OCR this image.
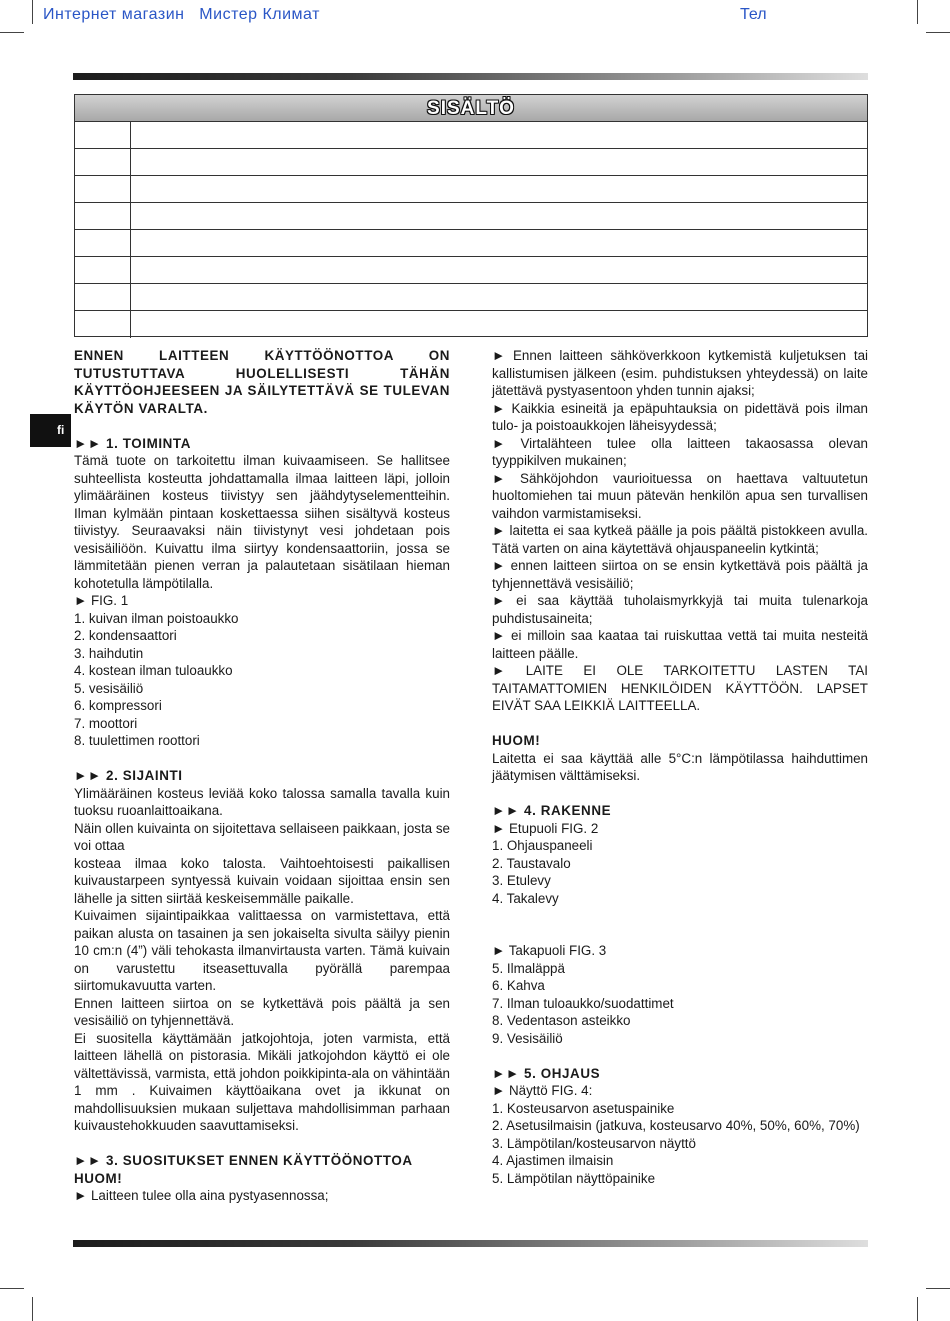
Интернет магазин   Мистер Климат	Тел
SISÄLTÖ
fi

ENNEN LAITTEEN KÄYTTÖÖNOTTOA ON TUTUSTUTTAVA HUOLELLISESTI TÄHÄN KÄYTTÖOHJEESEEN JA SÄILYTETTÄVÄ SE TULEVAN KÄYTÖN VARALTA.

►► 1. TOIMINTA

Tämä tuote on tarkoitettu ilman kuivaamiseen. Se hallitsee suhteellista kosteutta johdattamalla ilmaa laitteen läpi, jolloin ylimääräinen kosteus tiivistyy sen jäähdytyselementteihin. Ilman kylmään pintaan koskettaessa siihen sisältyvä kosteus tiivistyy. Seuraavaksi näin tiivistynyt vesi johdetaan pois vesisäiliöön. Kuivattu ilma siirtyy kondensaattoriin, jossa se lämmitetään pienen verran ja palautetaan sisätilaan hieman kohotetulla lämpötilalla.

► FIG. 1

1. kuivan ilman poistoaukko

2. kondensaattori

3. haihdutin

4. kostean ilman tuloaukko

5. vesisäiliö

6. kompressori

7. moottori

8. tuulettimen roottori

►► 2. SIJAINTI

Ylimääräinen kosteus leviää koko talossa samalla tavalla kuin tuoksu ruoanlaittoaikana.

Näin ollen kuivainta on sijoitettava sellaiseen paikkaan, josta se voi ottaa

kosteaa ilmaa koko talosta. Vaihtoehtoisesti paikallisen kuivaustarpeen syntyessä kuivain voidaan sijoittaa ensin sen lähelle ja sitten siirtää keskeisemmälle paikalle.

Kuivaimen sijaintipaikkaa valittaessa on varmistettava, että paikan alusta on tasainen ja sen jokaiselta sivulta säilyy pienin 10 cm:n (4”) väli tehokasta ilmanvirtausta varten. Tämä kuivain on varustettu itseasettuvalla pyörällä parempaa siirtomukavuutta varten.

Ennen laitteen siirtoa on se kytkettävä pois päältä ja sen vesisäiliö on tyhjennettävä.

Ei suositella käyttämään jatkojohtoja, joten varmista, että laitteen lähellä on pistorasia. Mikäli jatkojohdon käyttö ei ole vältettävissä, varmista, että johdon poikkipinta-ala on vähintään 1 mm . Kuivaimen käyttöaikana ovet ja ikkunat on mahdollisuuksien mukaan suljettava mahdollisimman parhaan kuivaustehokkuuden saavuttamiseksi.

►► 3. SUOSITUKSET ENNEN KÄYTTÖÖNOTTOA

HUOM!

► Laitteen tulee olla aina pystyasennossa;

► Ennen laitteen sähköverkkoon kytkemistä kuljetuksen tai kallistumisen jälkeen (esim. puhdistuksen yhteydessä) on laite jätettävä pystyasentoon yhden tunnin ajaksi;

► Kaikkia esineitä ja epäpuhtauksia on pidettävä pois ilman tulo- ja poistoaukkojen läheisyydessä;

► Virtalähteen tulee olla laitteen takaosassa olevan tyyppikilven mukainen;

► Sähköjohdon vaurioituessa on haettava valtuutetun huoltomiehen tai muun pätevän henkilön apua sen turvallisen vaihdon varmistamiseksi.

► laitetta ei saa kytkeä päälle ja pois päältä pistokkeen avulla. Tätä varten on aina käytettävä ohjauspaneelin kytkintä;

► ennen laitteen siirtoa on se ensin kytkettävä pois päältä ja tyhjennettävä vesisäiliö;

► ei saa käyttää tuholaismyrkkyjä tai muita tulenarkoja puhdistusaineita;

► ei milloin saa kaataa tai ruiskuttaa vettä tai muita nesteitä laitteen päälle.

► LAITE EI OLE TARKOITETTU LASTEN TAI TAITAMATTOMIEN HENKILÖIDEN KÄYTTÖÖN. LAPSET EIVÄT SAA LEIKKIÄ LAITTEELLA.

HUOM!

Laitetta ei saa käyttää alle 5°C:n lämpötilassa haihduttimen jäätymisen välttämiseksi.

►► 4. RAKENNE

► Etupuoli FIG. 2

1. Ohjauspaneeli

2. Taustavalo

3. Etulevy

4. Takalevy

► Takapuoli FIG. 3

5. Ilmaläppä

6. Kahva

7. Ilman tuloaukko/suodattimet

8. Vedentason asteikko

9. Vesisäiliö

►► 5. OHJAUS

► Näyttö FIG. 4:

1. Kosteusarvon asetuspainike

2. Asetusilmaisin (jatkuva, kosteusarvo 40%, 50%, 60%, 70%)

3. Lämpötilan/kosteusarvon näyttö

4. Ajastimen ilmaisin

5. Lämpötilan näyttöpainike
